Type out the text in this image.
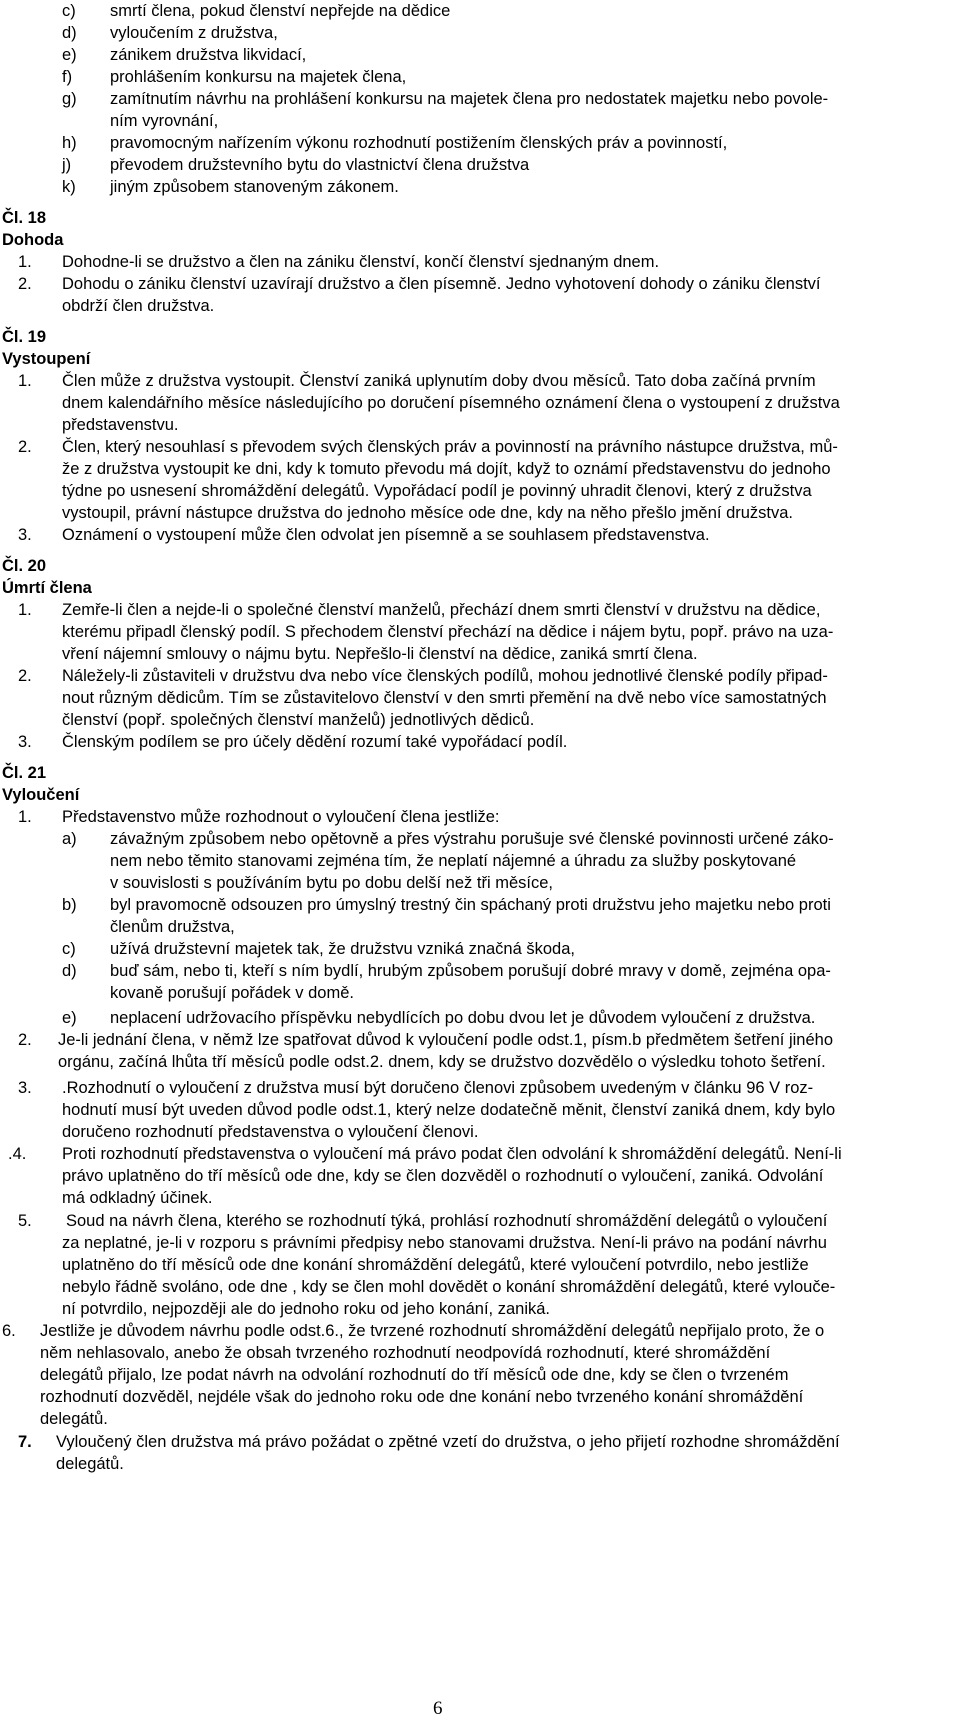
c) smrtí člena, pokud členství nepřejde na dědice
d) vyloučením z družstva,
e) zánikem družstva likvidací,
f) prohlášením konkursu na majetek člena,
g) zamítnutím návrhu na prohlášení konkursu na majetek člena pro nedostatek majetku nebo povole-
ním vyrovnání,
h) pravomocným nařízením výkonu rozhodnutí postižením členských práv a povinností,
j) převodem družstevního bytu do vlastnictví člena družstva
k) jiným způsobem stanoveným zákonem.
Čl. 18
Dohoda
1. Dohodne-li se družstvo a člen na zániku členství, končí členství sjednaným dnem.
2. Dohodu o zániku členství uzavírají družstvo a člen písemně. Jedno vyhotovení dohody o zániku členství
obdrží člen družstva.
Čl. 19
Vystoupení
1. Člen může z družstva vystoupit. Členství zaniká uplynutím doby dvou měsíců. Tato doba začíná prvním
dnem kalendářního měsíce následujícího po doručení písemného oznámení člena o vystoupení z družstva
představenstvu.
2. Člen, který nesouhlasí s převodem svých členských práv a povinností na právního nástupce družstva, mů-
že z družstva vystoupit ke dni, kdy k tomuto převodu má dojít, když to oznámí představenstvu do jednoho
týdne po usnesení shromáždění delegátů. Vypořádací podíl je povinný uhradit členovi, který z družstva
vystoupil, právní nástupce družstva do jednoho měsíce ode dne, kdy na něho přešlo jmění družstva.
3. Oznámení o vystoupení může člen odvolat jen písemně a se souhlasem představenstva.
Čl. 20
Úmrtí člena
1. Zemře-li člen a nejde-li o společné členství manželů, přechází dnem smrti členství v družstvu na dědice,
kterému připadl členský podíl. S přechodem členství přechází na dědice i nájem bytu, popř. právo na uza-
vření nájemní smlouvy o nájmu bytu. Nepřešlo-li členství na dědice, zaniká smrtí člena.
2. Náležely-li zůstaviteli v družstvu dva nebo více členských podílů, mohou jednotlivé členské podíly připad-
nout různým dědicům. Tím se zůstavitelovo členství v den smrti přemění na dvě nebo více samostatných
členství (popř. společných členství manželů) jednotlivých dědiců.
3. Členským podílem se pro účely dědění rozumí také vypořádací podíl.
Čl. 21
Vyloučení
1. Představenstvo může rozhodnout o vyloučení člena jestliže:
a) závažným způsobem nebo opětovně a přes výstrahu porušuje své členské povinnosti určené záko-
nem nebo těmito stanovami zejména tím, že neplatí nájemné a úhradu za služby poskytované
v souvislosti s používáním bytu po dobu delší než tři měsíce,
b) byl pravomocně odsouzen pro úmyslný trestný čin spáchaný proti družstvu jeho majetku nebo proti
členům družstva,
c) užívá družstevní majetek tak, že družstvu vzniká značná škoda,
d) buď sám, nebo ti, kteří s ním bydlí, hrubým způsobem porušují dobré mravy v domě, zejména opa-
kovaně porušují pořádek v domě.
e) neplacení udržovacího příspěvku nebydlících po dobu dvou let je důvodem vyloučení z družstva.
2. Je-li jednání člena, v němž lze spatřovat důvod k vyloučení podle odst.1, písm.b předmětem šetření jiného
orgánu, začíná lhůta tří měsíců podle odst.2. dnem, kdy se družstvo dozvědělo o výsledku tohoto šetření.
3. .Rozhodnutí o vyloučení z družstva musí být doručeno členovi způsobem uvedeným v článku 96 V roz-
hodnutí musí být uveden důvod podle odst.1, který nelze dodatečně měnit, členství zaniká dnem, kdy bylo
doručeno rozhodnutí představenstva o vyloučení členovi.
.4. Proti rozhodnutí představenstva o vyloučení má právo podat člen odvolání k shromáždění delegátů. Není-li
právo uplatněno do tří měsíců ode dne, kdy se člen dozvěděl o rozhodnutí o vyloučení, zaniká. Odvolání
má odkladný účinek.
5. Soud na návrh člena, kterého se rozhodnutí týká, prohlásí rozhodnutí shromáždění delegátů o vyloučení
za neplatné, je-li v rozporu s právními předpisy nebo stanovami družstva. Není-li právo na podání návrhu
uplatněno do tří měsíců ode dne konání shromáždění delegátů, které vyloučení potvrdilo, nebo jestliže
nebylo řádně svoláno, ode dne , kdy se člen mohl dovědět o konání shromáždění delegátů, které vylouče-
ní potvrdilo, nejpozději ale do jednoho roku od jeho konání, zaniká.
6. Jestliže je důvodem návrhu podle odst.6., že tvrzené rozhodnutí shromáždění delegátů nepřijalo proto, že o
něm nehlasovalo, anebo že obsah tvrzeného rozhodnutí neodpovídá rozhodnutí, které shromáždění
delegátů přijalo, lze podat návrh na odvolání rozhodnutí do tří měsíců ode dne, kdy se člen o tvrzeném
rozhodnutí dozvěděl, nejdéle však do jednoho roku ode dne konání nebo tvrzeného konání shromáždění
delegátů.
7. Vyloučený člen družstva má právo požádat o zpětné vzetí do družstva, o jeho přijetí rozhodne shromáždění
delegátů.
6
